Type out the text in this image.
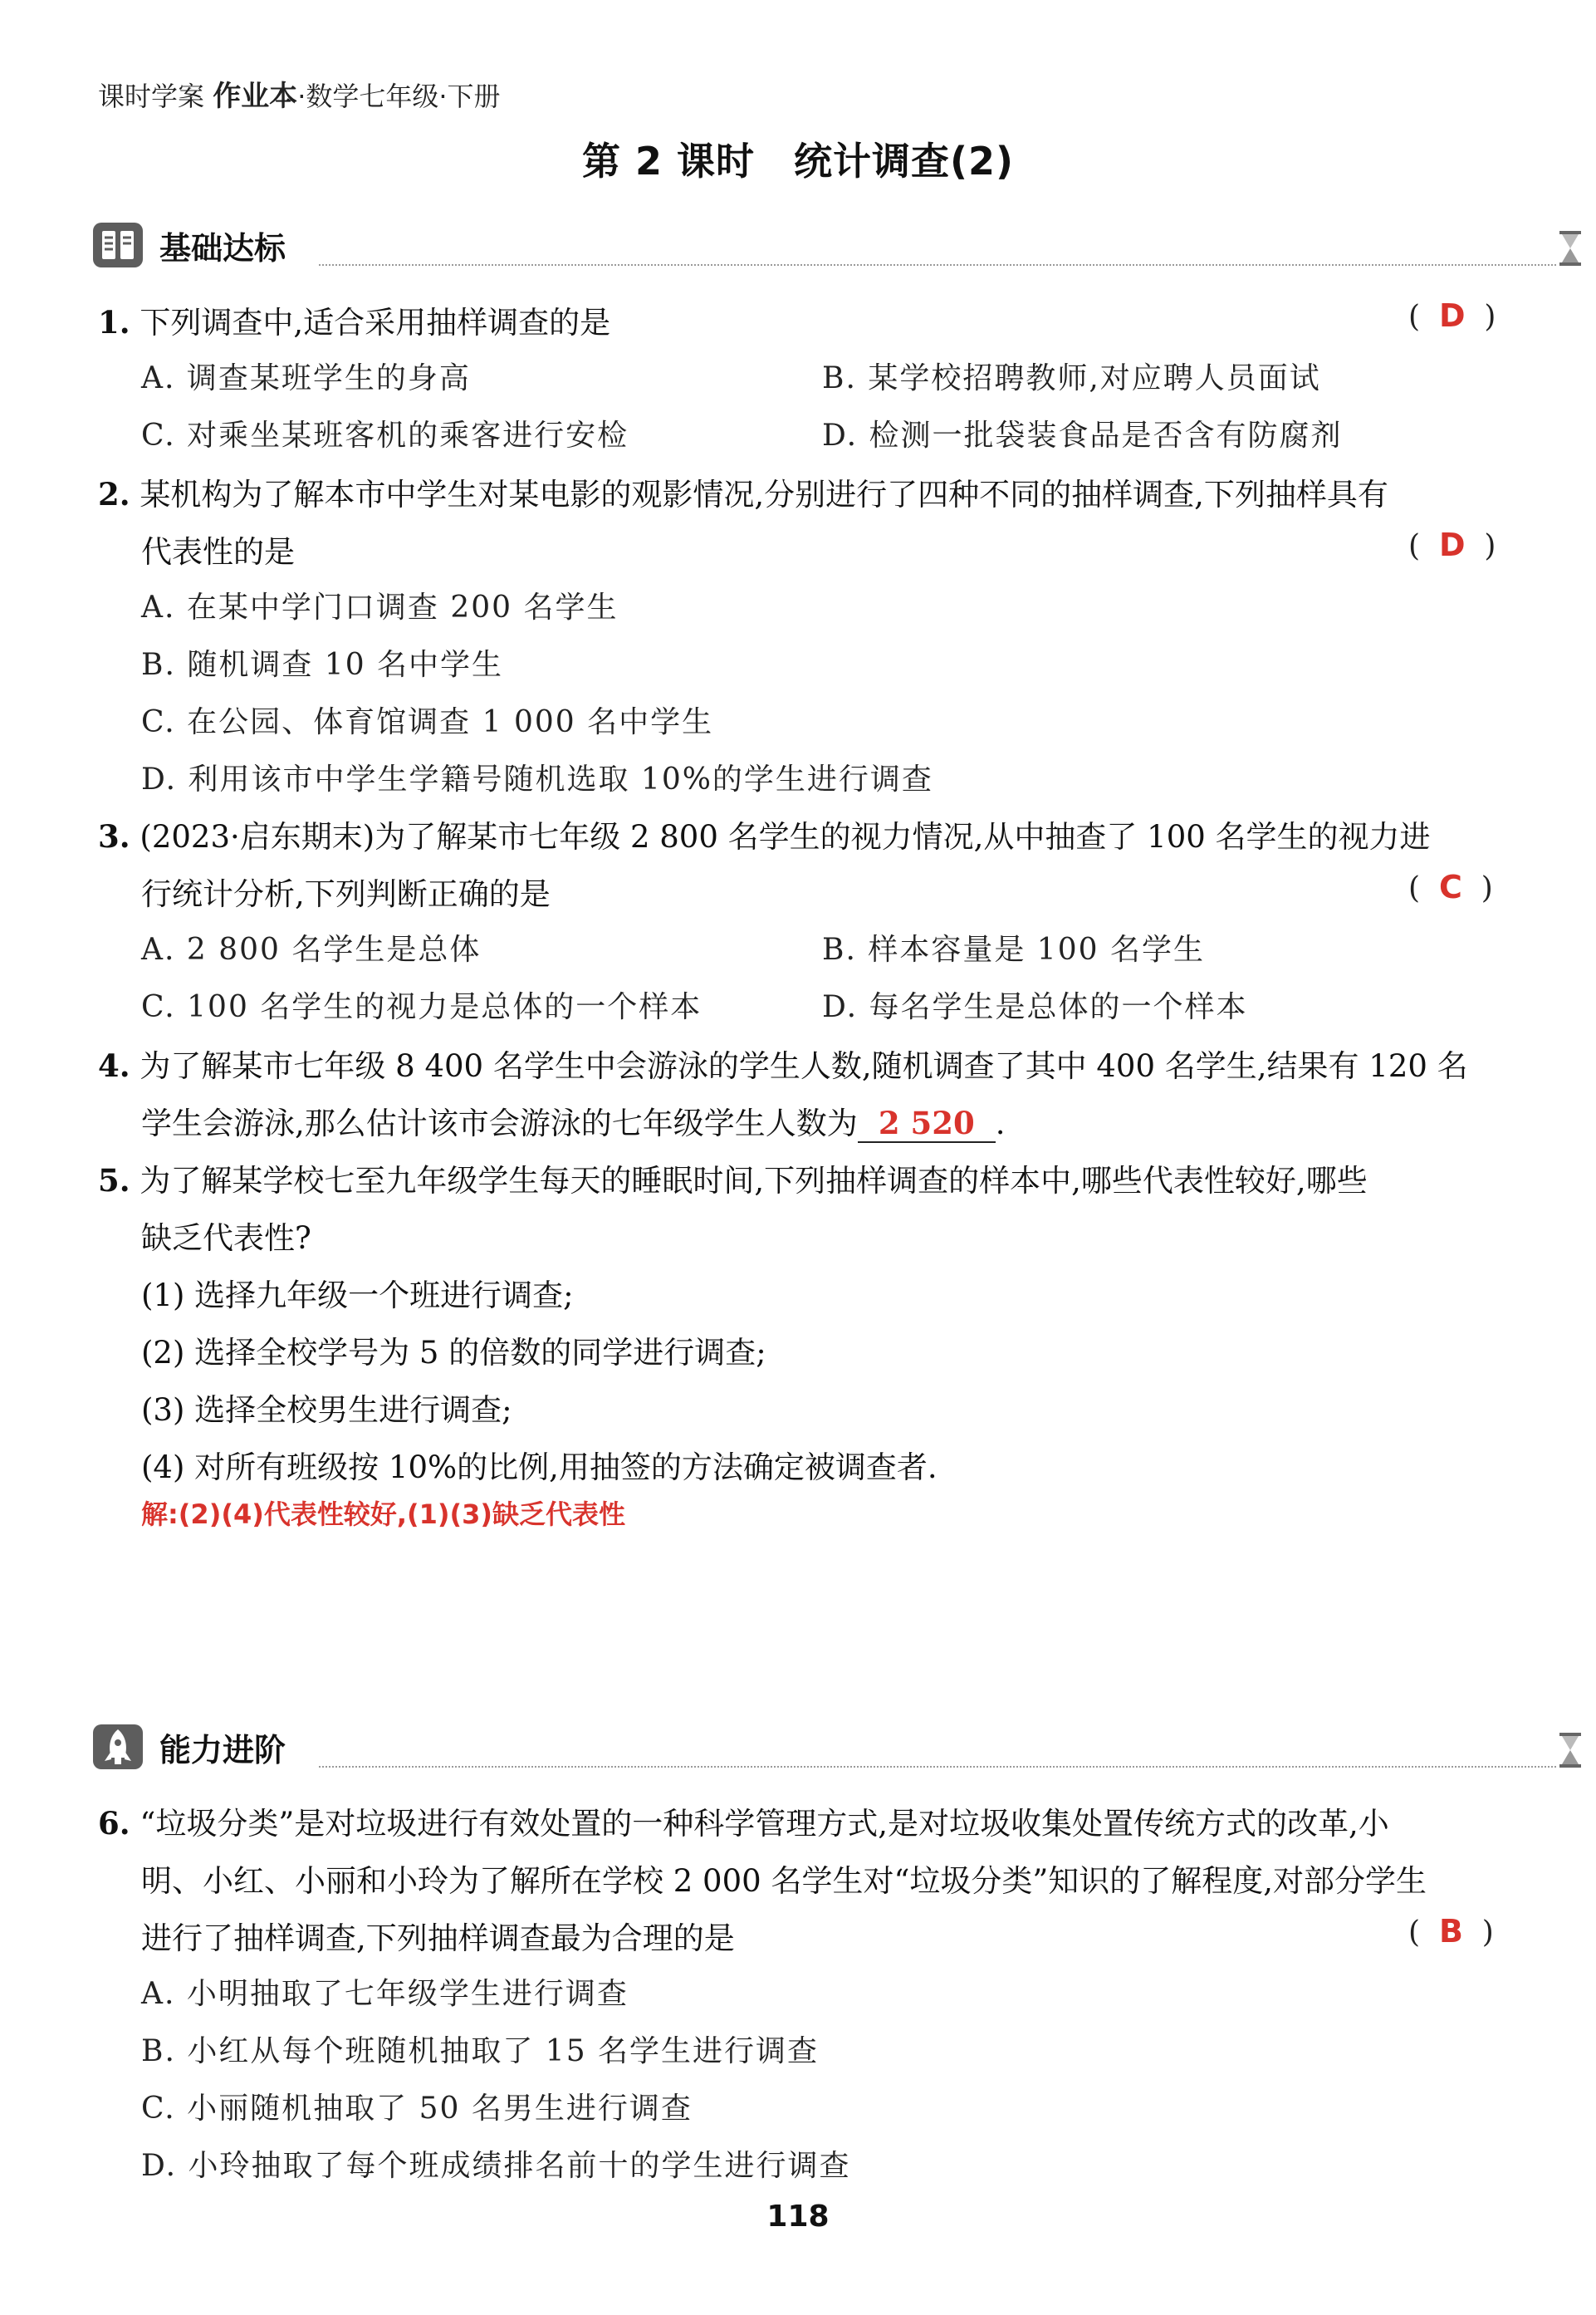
课时学案 作业本·数学七年级·下册
第 2 课时　统计调查(2)
基础达标
1. 下列调查中,适合采用抽样调查的是	( D )
A. 调查某班学生的身高	B. 某学校招聘教师,对应聘人员面试
C. 对乘坐某班客机的乘客进行安检	D. 检测一批袋装食品是否含有防腐剂
2. 某机构为了解本市中学生对某电影的观影情况,分别进行了四种不同的抽样调查,下列抽样具有
代表性的是	( D )
A. 在某中学门口调查 200 名学生
B. 随机调查 10 名中学生
C. 在公园、体育馆调查 1 000 名中学生
D. 利用该市中学生学籍号随机选取 10%的学生进行调查
3. (2023·启东期末)为了解某市七年级 2 800 名学生的视力情况,从中抽查了 100 名学生的视力进
行统计分析,下列判断正确的是	( C )
A. 2 800 名学生是总体	B. 样本容量是 100 名学生
C. 100 名学生的视力是总体的一个样本	D. 每名学生是总体的一个样本
4. 为了解某市七年级 8 400 名学生中会游泳的学生人数,随机调查了其中 400 名学生,结果有 120 名
学生会游泳,那么估计该市会游泳的七年级学生人数为 2 520 .
5. 为了解某学校七至九年级学生每天的睡眠时间,下列抽样调查的样本中,哪些代表性较好,哪些
缺乏代表性?
(1) 选择九年级一个班进行调查;
(2) 选择全校学号为 5 的倍数的同学进行调查;
(3) 选择全校男生进行调查;
(4) 对所有班级按 10%的比例,用抽签的方法确定被调查者.
解:(2)(4)代表性较好,(1)(3)缺乏代表性
能力进阶
6. “垃圾分类”是对垃圾进行有效处置的一种科学管理方式,是对垃圾收集处置传统方式的改革,小
明、小红、小丽和小玲为了解所在学校 2 000 名学生对“垃圾分类”知识的了解程度,对部分学生
进行了抽样调查,下列抽样调查最为合理的是	( B )
A. 小明抽取了七年级学生进行调查
B. 小红从每个班随机抽取了 15 名学生进行调查
C. 小丽随机抽取了 50 名男生进行调查
D. 小玲抽取了每个班成绩排名前十的学生进行调查
118
